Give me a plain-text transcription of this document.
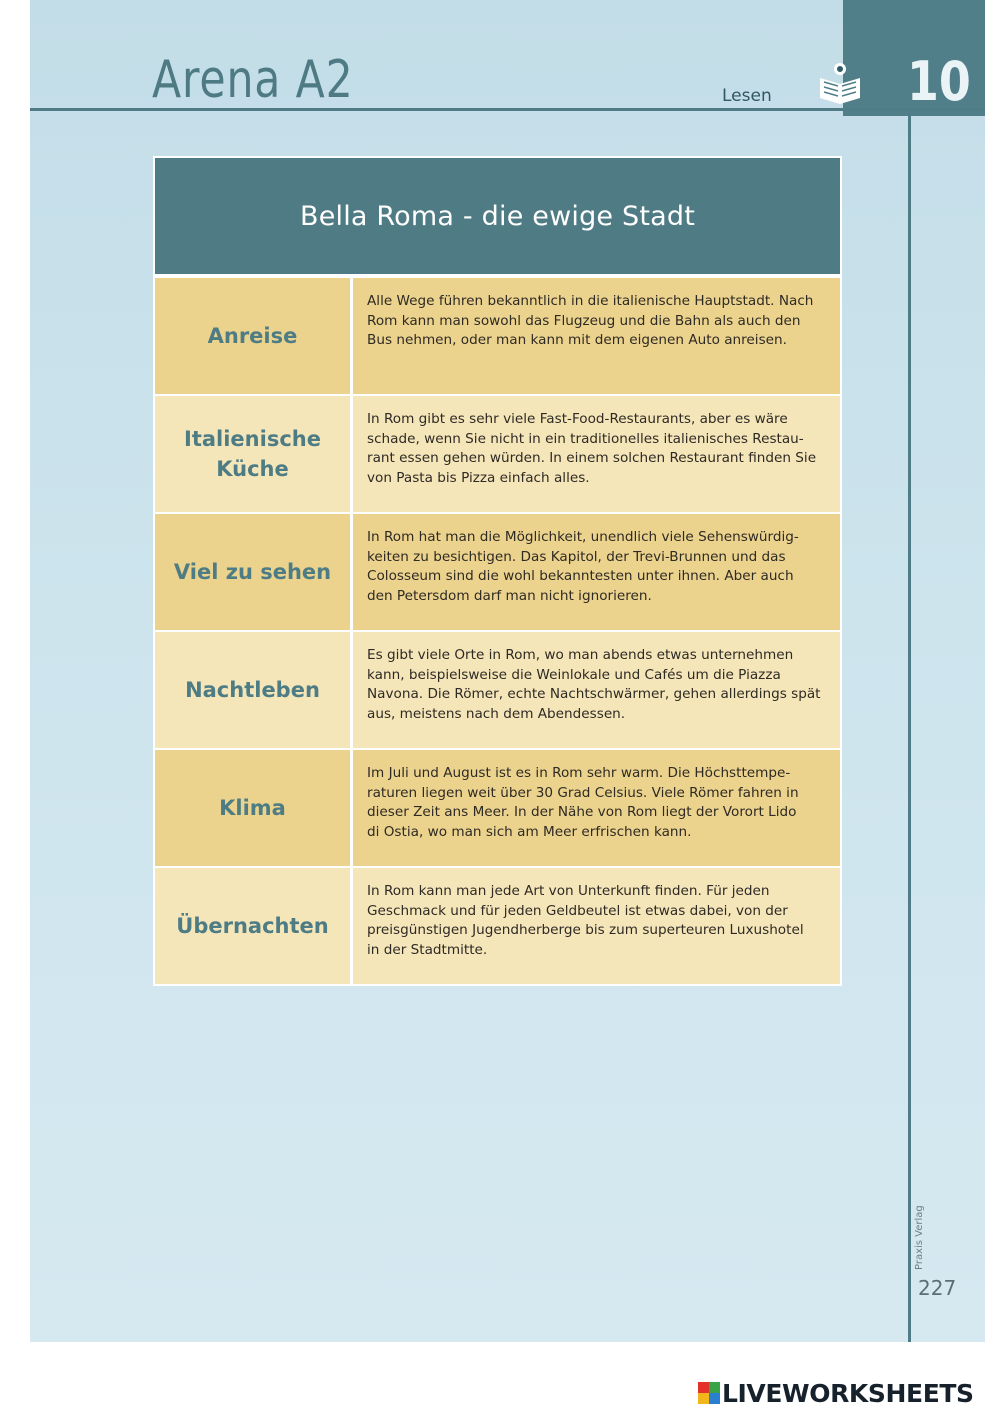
Arena A2	Lesen	10
Bella Roma - die ewige Stadt
Anreise

Alle Wege führen bekanntlich in die italienische Hauptstadt. Nach
Rom kann man sowohl das Flugzeug und die Bahn als auch den
Bus nehmen, oder man kann mit dem eigenen Auto anreisen.

Italienische
Küche

In Rom gibt es sehr viele Fast-Food-Restaurants, aber es wäre
schade, wenn Sie nicht in ein traditionelles italienisches Restau-
rant essen gehen würden. In einem solchen Restaurant finden Sie
von Pasta bis Pizza einfach alles.

Viel zu sehen

In Rom hat man die Möglichkeit, unendlich viele Sehenswürdig-
keiten zu besichtigen. Das Kapitol, der Trevi-Brunnen und das
Colosseum sind die wohl bekanntesten unter ihnen. Aber auch
den Petersdom darf man nicht ignorieren.

Nachtleben

Es gibt viele Orte in Rom, wo man abends etwas unternehmen
kann, beispielsweise die Weinlokale und Cafés um die Piazza
Navona. Die Römer, echte Nachtschwärmer, gehen allerdings spät
aus, meistens nach dem Abendessen.

Klima

Im Juli und August ist es in Rom sehr warm. Die Höchsttempe-
raturen liegen weit über 30 Grad Celsius. Viele Römer fahren in
dieser Zeit ans Meer. In der Nähe von Rom liegt der Vorort Lido
di Ostia, wo man sich am Meer erfrischen kann.

Übernachten

In Rom kann man jede Art von Unterkunft finden. Für jeden
Geschmack und für jeden Geldbeutel ist etwas dabei, von der
preisgünstigen Jugendherberge bis zum superteuren Luxushotel
in der Stadtmitte.

Praxis Verlag
227
LIVEWORKSHEETS
